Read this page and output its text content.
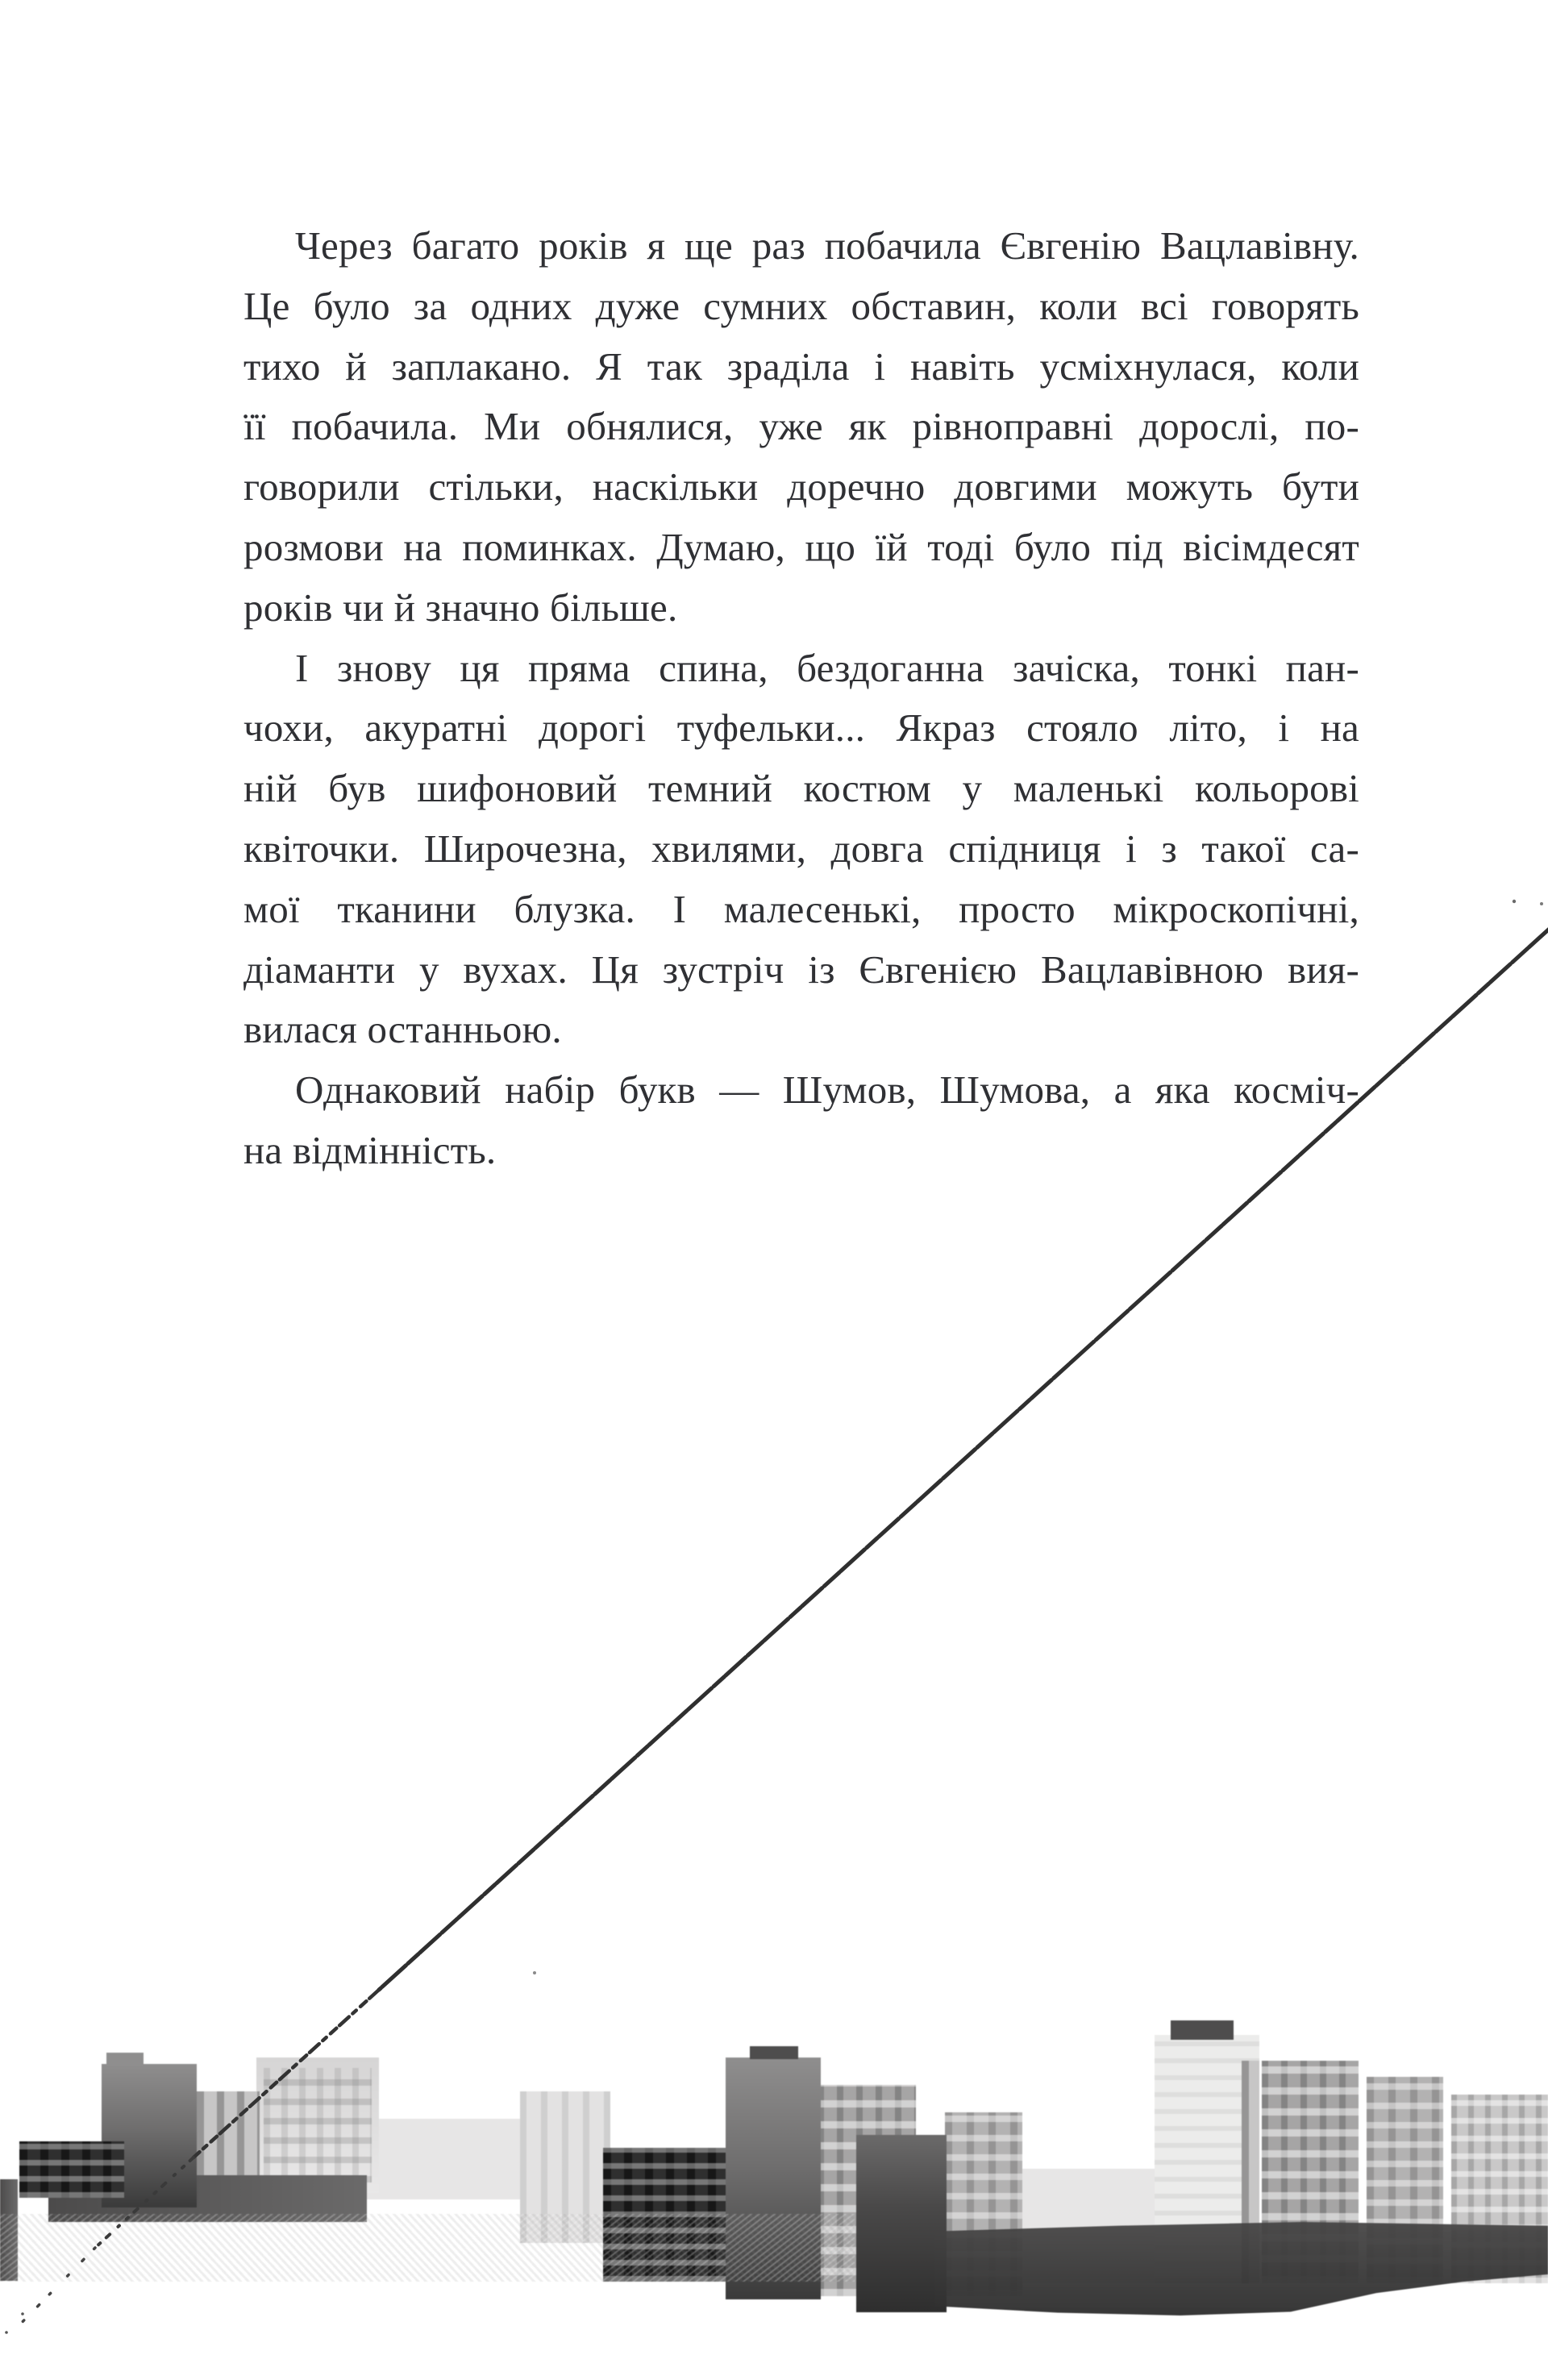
Через багато років я ще раз побачила Євгенію Вацлавівну.
Це було за одних дуже сумних обставин, коли всі говорять
тихо й заплакано. Я так зраділа і навіть усміхнулася, коли
її побачила. Ми обнялися, уже як рівноправні дорослі, по-
говорили стільки, наскільки доречно довгими можуть бути
розмови на поминках. Думаю, що їй тоді було під вісімдесят
років чи й значно більше.
І знову ця пряма спина, бездоганна зачіска, тонкі пан-
чохи, акуратні дорогі туфельки... Якраз стояло літо, і на
ній був шифоновий темний костюм у маленькі кольорові
квіточки. Широчезна, хвилями, довга спідниця і з такої са-
мої тканини блузка. І малесенькі, просто мікроскопічні,
діаманти у вухах. Ця зустріч із Євгенією Вацлавівною вия-
вилася останньою.
Однаковий набір букв — Шумов, Шумова, а яка косміч-
на відмінність.
